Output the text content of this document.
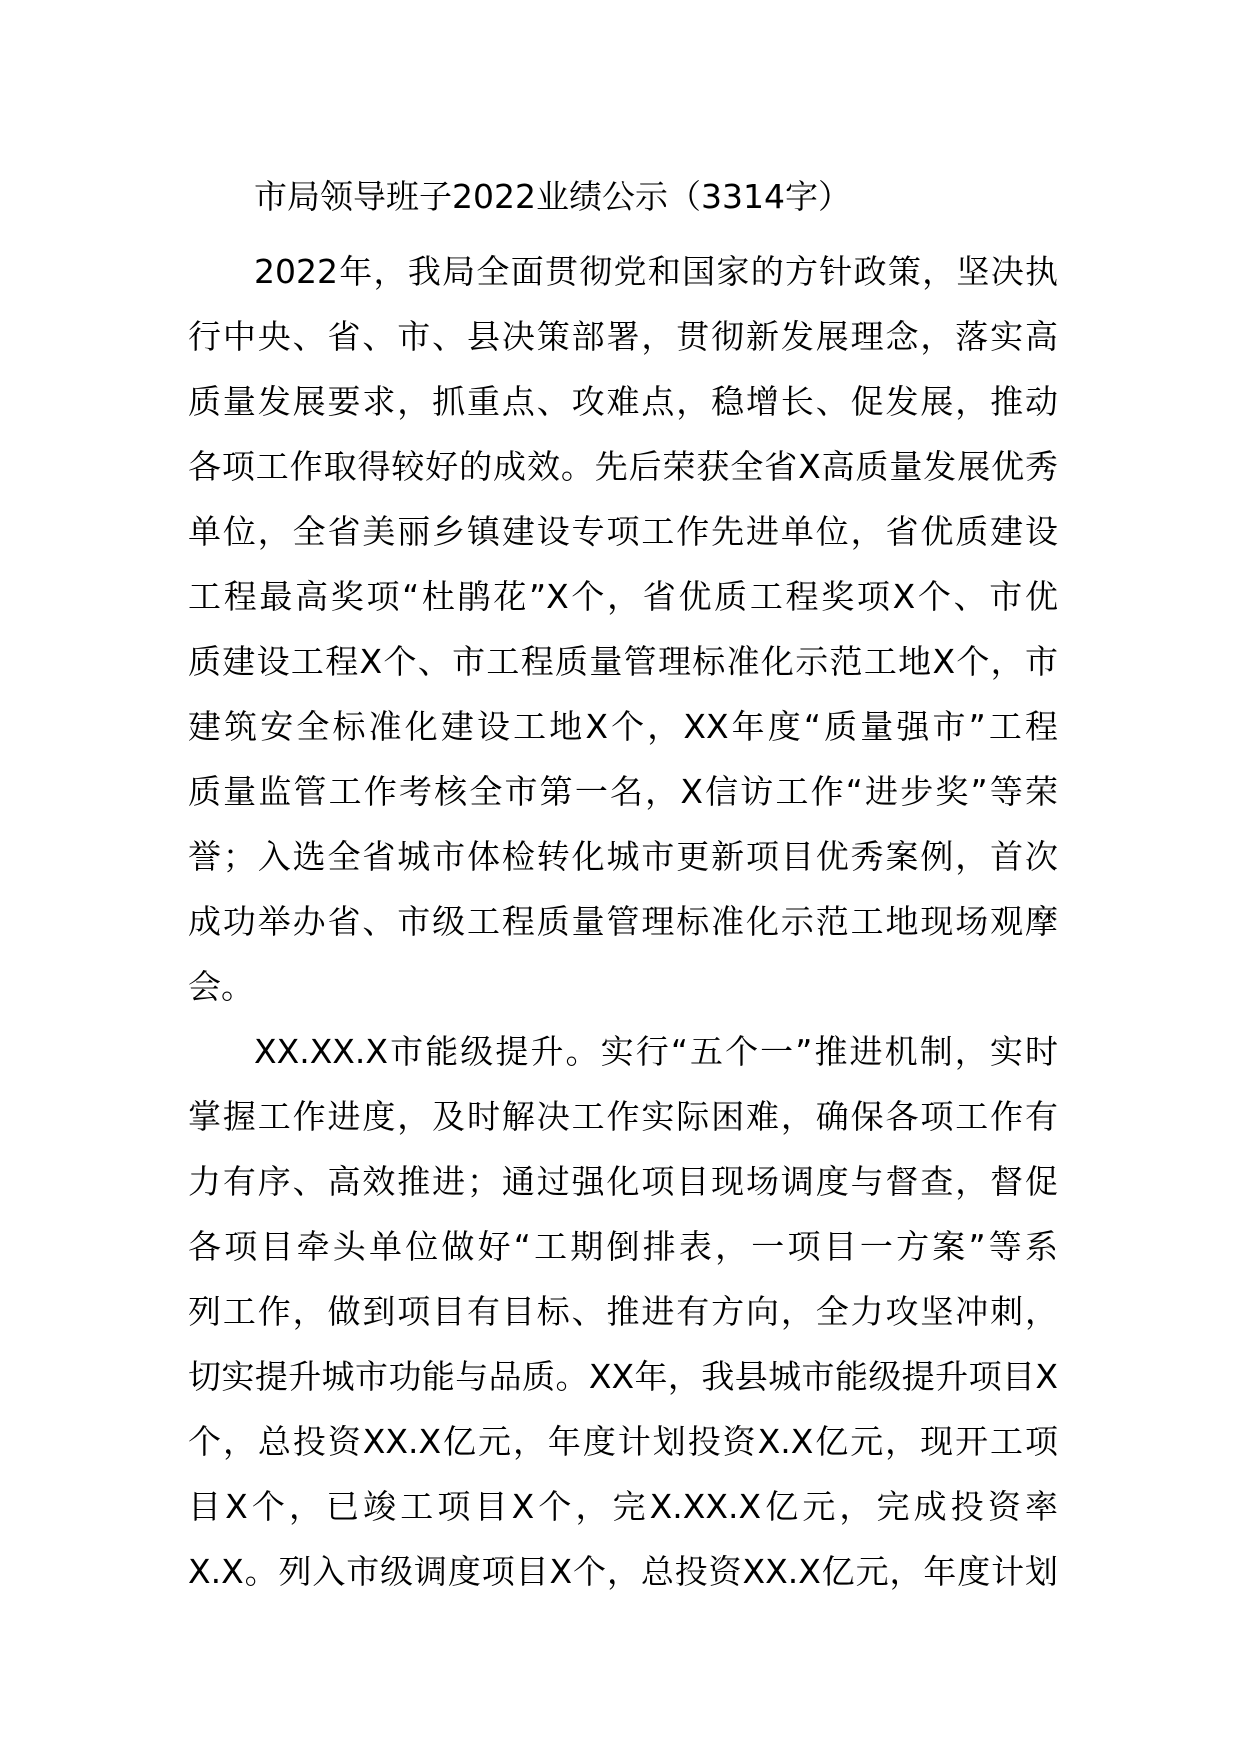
市局领导班子2022业绩公示（3314字）
2022年，我局全面贯彻党和国家的方针政策，坚决执
行中央、省、市、县决策部署，贯彻新发展理念，落实高
质量发展要求，抓重点、攻难点，稳增长、促发展，推动
各项工作取得较好的成效。先后荣获全省X高质量发展优秀
单位，全省美丽乡镇建设专项工作先进单位，省优质建设
工程最高奖项“杜鹃花”X个，省优质工程奖项X个、市优
质建设工程X个、市工程质量管理标准化示范工地X个，市
建筑安全标准化建设工地X个，XX年度“质量强市”工程
质量监管工作考核全市第一名，X信访工作“进步奖”等荣
誉；入选全省城市体检转化城市更新项目优秀案例，首次
成功举办省、市级工程质量管理标准化示范工地现场观摩
会。
XX.XX.X市能级提升。实行“五个一”推进机制，实时
掌握工作进度，及时解决工作实际困难，确保各项工作有
力有序、高效推进；通过强化项目现场调度与督查，督促
各项目牵头单位做好“工期倒排表，一项目一方案”等系
列工作，做到项目有目标、推进有方向，全力攻坚冲刺，
切实提升城市功能与品质。XX年，我县城市能级提升项目X
个，总投资XX.X亿元，年度计划投资X.X亿元，现开工项
目X个，已竣工项目X个，完X.XX.X亿元，完成投资率
X.X。列入市级调度项目X个，总投资XX.X亿元，年度计划
